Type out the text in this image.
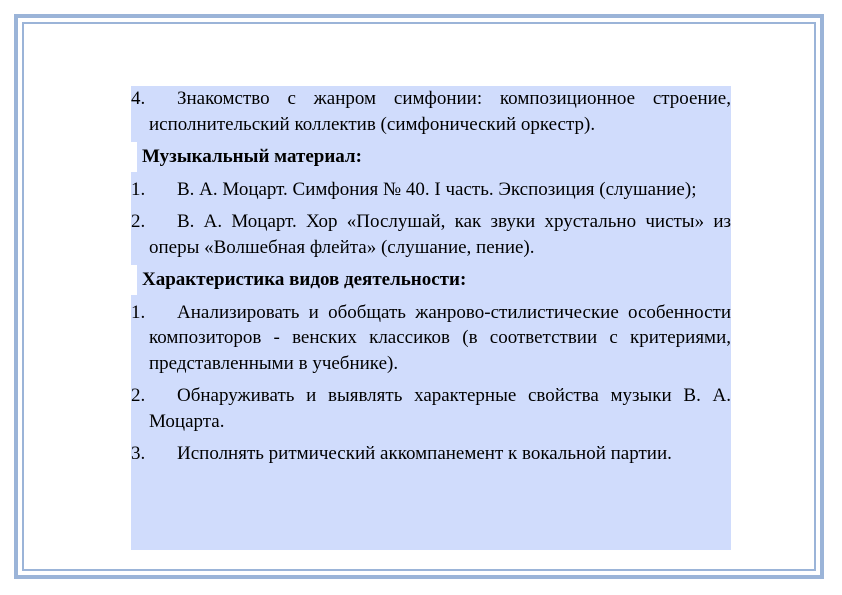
4.	Знакомство с жанром симфонии: композиционное строение, исполнительский коллектив (симфонический оркестр).

Музыкальный материал:

1.	В. А. Моцарт. Симфония № 40. I часть. Экспозиция (слушание);

2.	В. А. Моцарт. Хор «Послушай, как звуки хрустально чисты» из оперы «Волшебная флейта» (слушание, пение).

Характеристика видов деятельности:

1.	Анализировать и обобщать жанрово-стилистические особенности композиторов - венских классиков (в соответствии с критериями, представленными в учебнике).

2.	Обнаруживать и выявлять характерные свойства музыки В. А. Моцарта.

3.	Исполнять ритмический аккомпанемент к вокальной партии.
